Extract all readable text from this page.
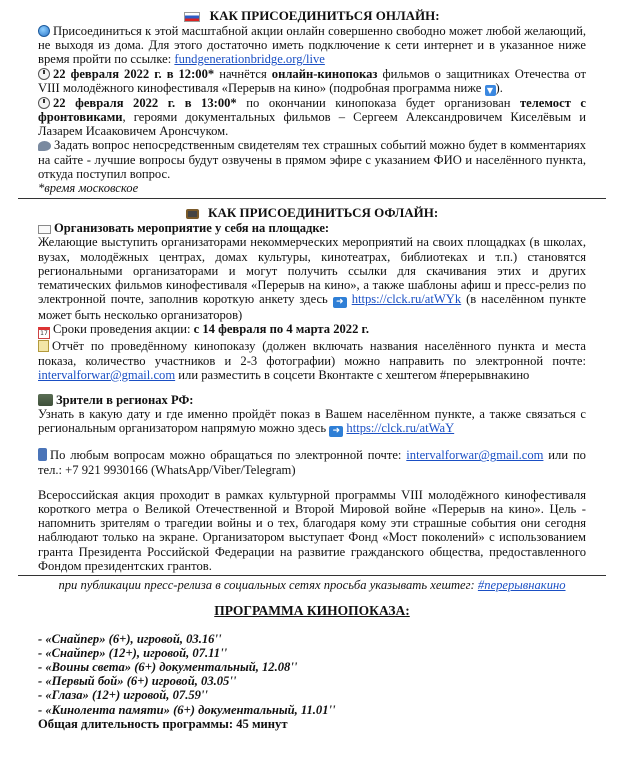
КАК ПРИСОЕДИНИТЬСЯ ОНЛАЙН:

Присоединиться к этой масштабной акции онлайн совершенно свободно может любой желающий, не выходя из дома. Для этого достаточно иметь подключение к сети интернет и в указанное ниже время пройти по ссылке: fundgenerationbridge.org/live

22 февраля 2022 г. в 12:00* начнётся онлайн-кинопоказ фильмов о защитниках Отечества от VIII молодёжного кинофестиваля «Перерыв на кино» (подробная программа ниже ▼ ).

22 февраля 2022 г. в 13:00* по окончании кинопоказа будет организован телемост с фронтовиками, героями документальных фильмов – Сергеем Александровичем Киселёвым и Лазарем Исааковичем Аронсчуком.

Задать вопрос непосредственным свидетелям тех страшных событий можно будет в комментариях на сайте - лучшие вопросы будут озвучены в прямом эфире с указанием ФИО и населённого пункта, откуда поступил вопрос.

*время московское

КАК ПРИСОЕДИНИТЬСЯ ОФЛАЙН:

Организовать мероприятие у себя на площадке:

Желающие выступить организаторами некоммерческих мероприятий на своих площадках (в школах, вузах, молодёжных центрах, домах культуры, кинотеатрах, библиотеках и т.п.) становятся региональными организаторами и могут получить ссылки для скачивания этих и других тематических фильмов кинофестиваля «Перерыв на кино», а также шаблоны афиш и пресс-релиз по электронной почте, заполнив короткую анкету здесь ➜ https://clck.ru/atWYk (в населённом пункте может быть несколько организаторов)

17 Сроки проведения акции: с 14 февраля по 4 марта 2022 г.

Отчёт по проведённому кинопоказу (должен включать названия населённого пункта и места показа, количество участников и 2-3 фотографии) можно направить по электронной почте: intervalforwar@gmail.com или разместить в соцсети Вконтакте с хештегом #перерывнакино

Зрители в регионах РФ:

Узнать в какую дату и где именно пройдёт показ в Вашем населённом пункте, а также связаться с региональным организатором напрямую можно здесь ➜ https://clck.ru/atWaY

По любым вопросам можно обращаться по электронной почте: intervalforwar@gmail.com или по тел.: +7 921 9930166 (WhatsApp/Viber/Telegram)

Всероссийская акция проходит в рамках культурной программы VIII молодёжного кинофестиваля короткого метра о Великой Отечественной и Второй Мировой войне «Перерыв на кино». Цель - напомнить зрителям о трагедии войны и о тех, благодаря кому эти страшные события они сегодня наблюдают только на экране. Организатором выступает Фонд «Мост поколений» с использованием гранта Президента Российской Федерации на развитие гражданского общества, предоставленного Фондом президентских грантов.

при публикации пресс-релиза в социальных сетях просьба указывать хештег: #перерывнакино

ПРОГРАММА КИНОПОКАЗА:

- «Снайпер» (6+), игровой, 03.16''

- «Снайпер» (12+), игровой, 07.11''

- «Воины света» (6+) документальный, 12.08''

- «Первый бой» (6+) игровой, 03.05''

- «Глаза» (12+) игровой, 07.59''

- «Кинолента памяти» (6+) документальный, 11.01''

Общая длительность программы: 45 минут
